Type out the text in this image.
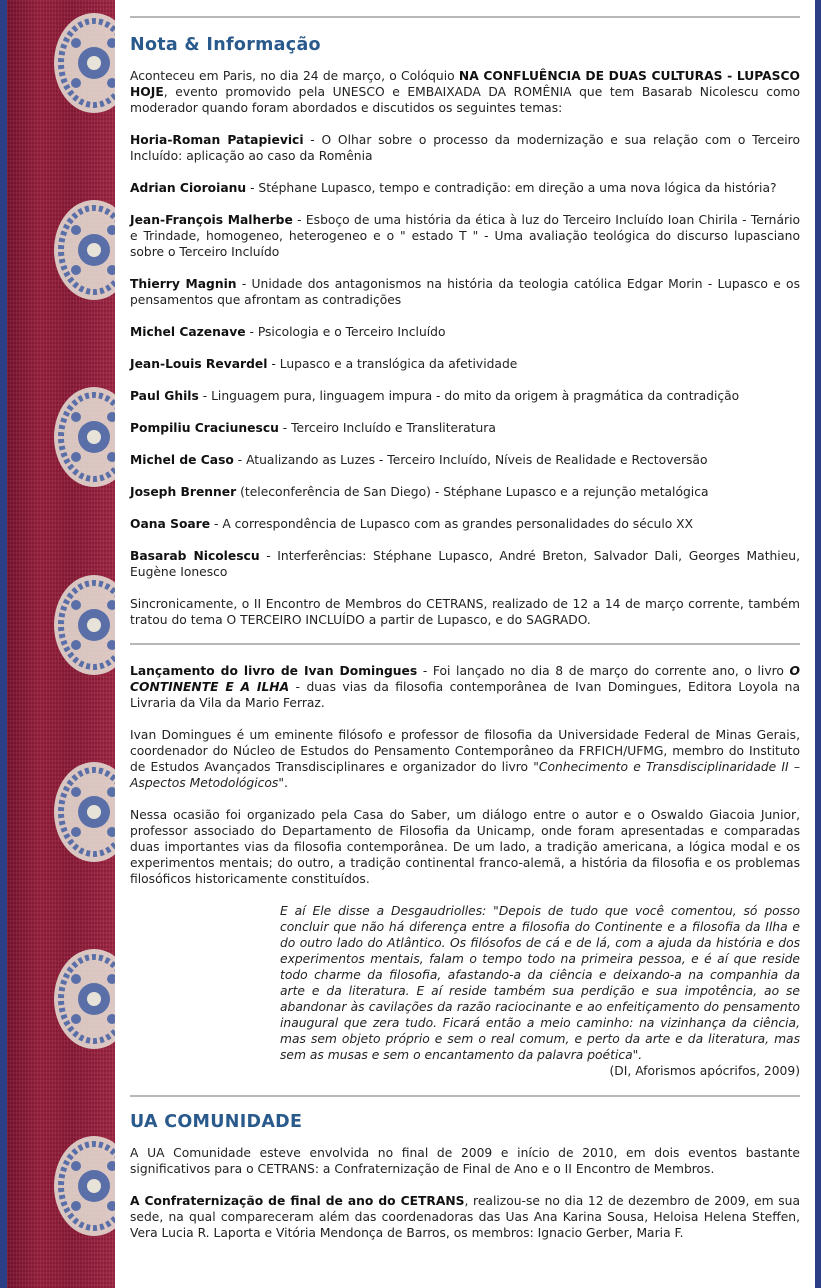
Nota & Informação

Aconteceu em Paris, no dia 24 de março, o Colóquio NA CONFLUÊNCIA DE DUAS CULTURAS - LUPASCO HOJE, evento promovido pela UNESCO e EMBAIXADA DA ROMÊNIA que tem Basarab Nicolescu como moderador quando foram abordados e discutidos os seguintes temas:

Horia-Roman Patapievici - O Olhar sobre o processo da modernização e sua relação com o Terceiro Incluído: aplicação ao caso da Romênia

Adrian Cioroianu - Stéphane Lupasco, tempo e contradição: em direção a uma nova lógica da história?

Jean-François Malherbe - Esboço de uma história da ética à luz do Terceiro Incluído Ioan Chirila - Ternário e Trindade, homogeneo, heterogeneo e o " estado T " - Uma avaliação teológica do discurso lupasciano sobre o Terceiro Incluído

Thierry Magnin - Unidade dos antagonismos na história da teologia católica Edgar Morin - Lupasco e os pensamentos que afrontam as contradições

Michel Cazenave - Psicologia e o Terceiro Incluído

Jean-Louis Revardel - Lupasco e a translógica da afetividade

Paul Ghils - Linguagem pura, linguagem impura - do mito da origem à pragmática da contradição

Pompiliu Craciunescu - Terceiro Incluído e Transliteratura

Michel de Caso - Atualizando as Luzes - Terceiro Incluído, Níveis de Realidade e Rectoversão

Joseph Brenner (teleconferência de San Diego) - Stéphane Lupasco e a rejunção metalógica

Oana Soare - A correspondência de Lupasco com as grandes personalidades do século XX

Basarab Nicolescu - Interferências: Stéphane Lupasco, André Breton, Salvador Dali, Georges Mathieu, Eugène Ionesco

Sincronicamente, o II Encontro de Membros do CETRANS, realizado de 12 a 14 de março corrente, também tratou do tema O TERCEIRO INCLUÍDO a partir de Lupasco, e do SAGRADO.

Lançamento do livro de Ivan Domingues - Foi lançado no dia 8 de março do corrente ano, o livro O CONTINENTE E A ILHA - duas vias da filosofia contemporânea de Ivan Domingues, Editora Loyola na Livraria da Vila da Mario Ferraz.

Ivan Domingues é um eminente filósofo e professor de filosofia da Universidade Federal de Minas Gerais, coordenador do Núcleo de Estudos do Pensamento Contemporâneo da FRFICH/UFMG, membro do Instituto de Estudos Avançados Transdisciplinares e organizador do livro "Conhecimento e Transdisciplinaridade II – Aspectos Metodológicos".

Nessa ocasião foi organizado pela Casa do Saber, um diálogo entre o autor e o Oswaldo Giacoia Junior, professor associado do Departamento de Filosofia da Unicamp, onde foram apresentadas e comparadas duas importantes vias da filosofia contemporânea. De um lado, a tradição americana, a lógica modal e os experimentos mentais; do outro, a tradição continental franco-alemã, a história da filosofia e os problemas filosóficos historicamente constituídos.

E aí Ele disse a Desgaudriolles: "Depois de tudo que você comentou, só posso concluir que não há diferença entre a filosofia do Continente e a filosofia da Ilha e do outro lado do Atlântico. Os filósofos de cá e de lá, com a ajuda da história e dos experimentos mentais, falam o tempo todo na primeira pessoa, e é aí que reside todo charme da filosofia, afastando-a da ciência e deixando-a na companhia da arte e da literatura. E aí reside também sua perdição e sua impotência, ao se abandonar às cavilações da razão raciocinante e ao enfeitiçamento do pensamento inaugural que zera tudo. Ficará então a meio caminho: na vizinhança da ciência, mas sem objeto próprio e sem o real comum, e perto da arte e da literatura, mas sem as musas e sem o encantamento da palavra poética".

(DI, Aforismos apócrifos, 2009)

UA COMUNIDADE

A UA Comunidade esteve envolvida no final de 2009 e início de 2010, em dois eventos bastante significativos para o CETRANS: a Confraternização de Final de Ano e o II Encontro de Membros.

A Confraternização de final de ano do CETRANS, realizou-se no dia 12 de dezembro de 2009, em sua sede, na qual compareceram além das coordenadoras das Uas Ana Karina Sousa, Heloisa Helena Steffen, Vera Lucia R. Laporta e Vitória Mendonça de Barros, os membros: Ignacio Gerber, Maria F.
